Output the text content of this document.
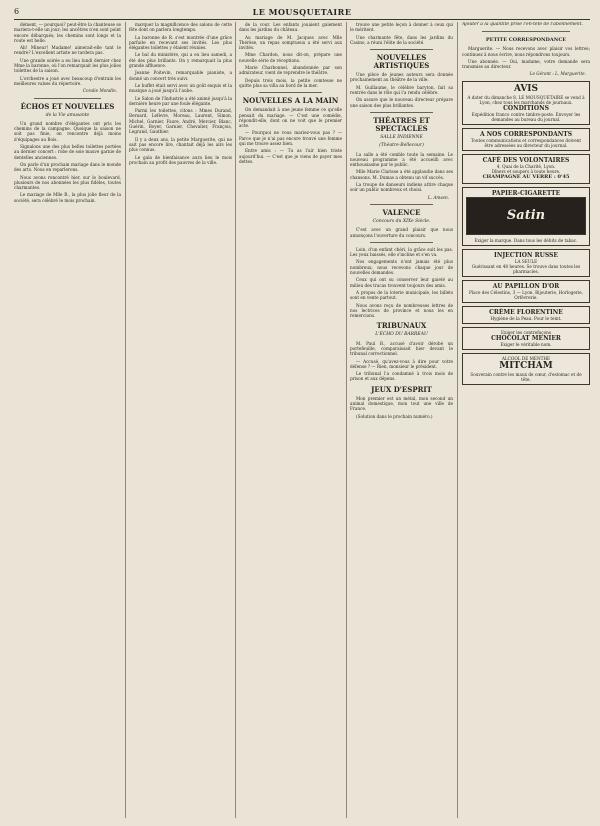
6	LE MOUSQUETAIRE

dément, — pourquoi? peut-être la chanteuse se mariera-t-elle un jour; les ancêtres n'en sont point encore débarqués; les chemins sont longs et la route est belle.

Ah! Mineur! Madame! aimerait-elle tant le rendre? L'excellent artiste ne tardera pas.

Une grande soirée a eu lieu lundi dernier chez Mme la baronne, où l'on remarquait les plus jolies toilettes de la saison.

L'orchestre a joué avec beaucoup d'entrain les meilleures valses du répertoire.

Coralie Mondin.
ÉCHOS ET NOUVELLES
de la Vie amusante

Un grand nombre d'élégantes ont pris les chemins de la campagne. Quoique la saison ne soit pas finie, on rencontre déjà moins d'équipages au Bois.

Signalons une des plus belles toilettes portées au dernier concert : robe de soie mauve garnie de dentelles anciennes.

On parle d'un prochain mariage dans le monde des arts. Nous en reparlerons.

Nous avons rencontré hier, sur le boulevard, plusieurs de nos abonnées les plus fidèles, toutes charmantes.

Le mariage de Mlle B., la plus jolie fleur de la société, sera célébré le mois prochain.

marquer la magnificence des salons de cette fête dont on parlera longtemps.

La baronne de R. s'est montrée d'une grâce parfaite en recevant ses invités. Les plus élégantes toilettes y étaient réunies.

Le bal du ministère, qui a eu lieu samedi, a été des plus brillants. On y remarquait la plus grande affluence.

Jeanne Poitevin, remarquable pianiste, a donné un concert très suivi.

Le buffet était servi avec un goût exquis et la musique a joué jusqu'à l'aube.

Le Salon de l'Industrie a été animé jusqu'à la dernière heure par une foule élégante.

Parmi les toilettes, citons : Mmes Durand, Bernard, Lefèvre, Moreau, Laurent, Simon, Michel, Garnier, Faure, André, Mercier, Blanc, Guérin, Boyer, Garnier, Chevalier, François, Legrand, Gauthier.

Il y a deux ans, la petite Marguerite, qui ne sait pas encore lire, chantait déjà les airs les plus connus.

Le gala de bienfaisance aura lieu le mois prochain au profit des pauvres de la ville.

de la cour. Les enfants jouaient gaiement dans les jardins du château.

Au mariage de M. Jacques avec Mlle Thérèse, un repas somptueux a été servi aux invités.

Mme Chardon, nous dit-on, prépare une nouvelle série de réceptions.

Marie Charbonnel, abandonnée par son admirateur, vient de reprendre le théâtre.

Depuis trois mois, la petite comtesse ne quitte plus sa villa au bord de la mer.

NOUVELLES A LA MAIN

On demandait à une jeune femme ce qu'elle pensait du mariage. — C'est une comédie, répondit-elle, dont on ne voit que le premier acte.

— Pourquoi ne vous mariez-vous pas ? — Parce que je n'ai pas encore trouvé une femme qui me trouve assez bien.

Entre amis : — Tu as l'air bien triste aujourd'hui. — C'est que je viens de payer mes dettes.

trouve une petite leçon à donner à ceux qui le méritent.

Une charmante fête, dans les jardins du Casino, a réuni l'élite de la société.

NOUVELLES ARTISTIQUES

Une pièce de jeunes auteurs sera donnée prochainement au théâtre de la ville.

M. Guillaume, le célèbre baryton, fait sa rentrée dans le rôle qui l'a rendu célèbre.

On assure que le nouveau directeur prépare une saison des plus brillantes.

THÉATRES ET SPECTACLES
SALLE INDIENNE
(Théatre-Bellecour)

La salle a été comble toute la semaine. Le nouveau programme a été accueilli avec enthousiasme par le public.

Mlle Marie Clarisse a été applaudie dans ses chansons. M. Dumas a obtenu un vif succès.

La troupe de danseurs indiens attire chaque soir un public nombreux et choisi.

L. Amsen.
VALENCE
Concours du XIXe Siècle.

C'est avec un grand plaisir que nous annonçons l'ouverture du concours.

Loin, d'un enfant chéri, la grâce suit les pas. Les yeux baissés, elle s'incline et s'en va.
Nos engagements n'ont jamais été plus nombreux; nous recevons chaque jour de nouvelles demandes.
Ceux qui ont su conserver leur gaieté au milieu des tracas trouvent toujours des amis.
A propos de la loterie municipale, les billets sont en vente partout.
Nous avons reçu de nombreuses lettres de nos lectrices de province et nous les en remercions.
TRIBUNAUX
L'ÉCHO DU BARREAU
M. Paul B., accusé d'avoir dérobé un portefeuille, comparaissait hier devant le tribunal correctionnel.
— Accusé, qu'avez-vous à dire pour votre défense ? — Rien, monsieur le président.
Le tribunal l'a condamné à trois mois de prison et aux dépens.
JEUX D'ESPRIT
Mon premier est un métal, mon second un animal domestique, mon tout une ville de France.
(Solution dans le prochain numéro.)
Ajouter à la quantité prise l'en-tête de l'abonnement.
PETITE CORRESPONDANCE

Marguerite. — Nous recevons avec plaisir vos lettres; continuez à nous écrire, nous répondrons toujours.

Une abonnée. — Oui, madame, votre demande sera transmise au directeur.

Le Gérant : L. Marguerite.
AVIS
A dater du dimanche 8, LE MOUSQUETAIRE se vend à Lyon, chez tous les marchands de journaux.
CONDITIONS
Expédition franco contre timbre-poste. Envoyer les demandes au bureau du journal.
A NOS CORRESPONDANTS
Toutes communications et correspondances doivent être adressées au directeur du journal.
CAFÉ DES VOLONTAIRES
4, Quai de la Charité, Lyon.
Dîners et soupers à toute heure.
CHAMPAGNE AU VERRE : 0'45
PAPIER-CIGARETTE
Satin
Exiger la marque. Dans tous les débits de tabac.
INJECTION RUSSE
LA SEULE
Guérissant en 48 heures. Se trouve dans toutes les pharmacies.
AU PAPILLON D'OR
Place des Célestins, 3 — Lyon. Bijouterie, Horlogerie, Orfèvrerie.
CRÈME FLORENTINE
Hygiène de la Peau. Pour le teint.
Exiger les contrefaçons
CHOCOLAT MENIER
Exiger le véritable nom.
ALCOOL DE MENTHE
MITCHAM
Souverain contre les maux de cœur, d'estomac et de tête.
